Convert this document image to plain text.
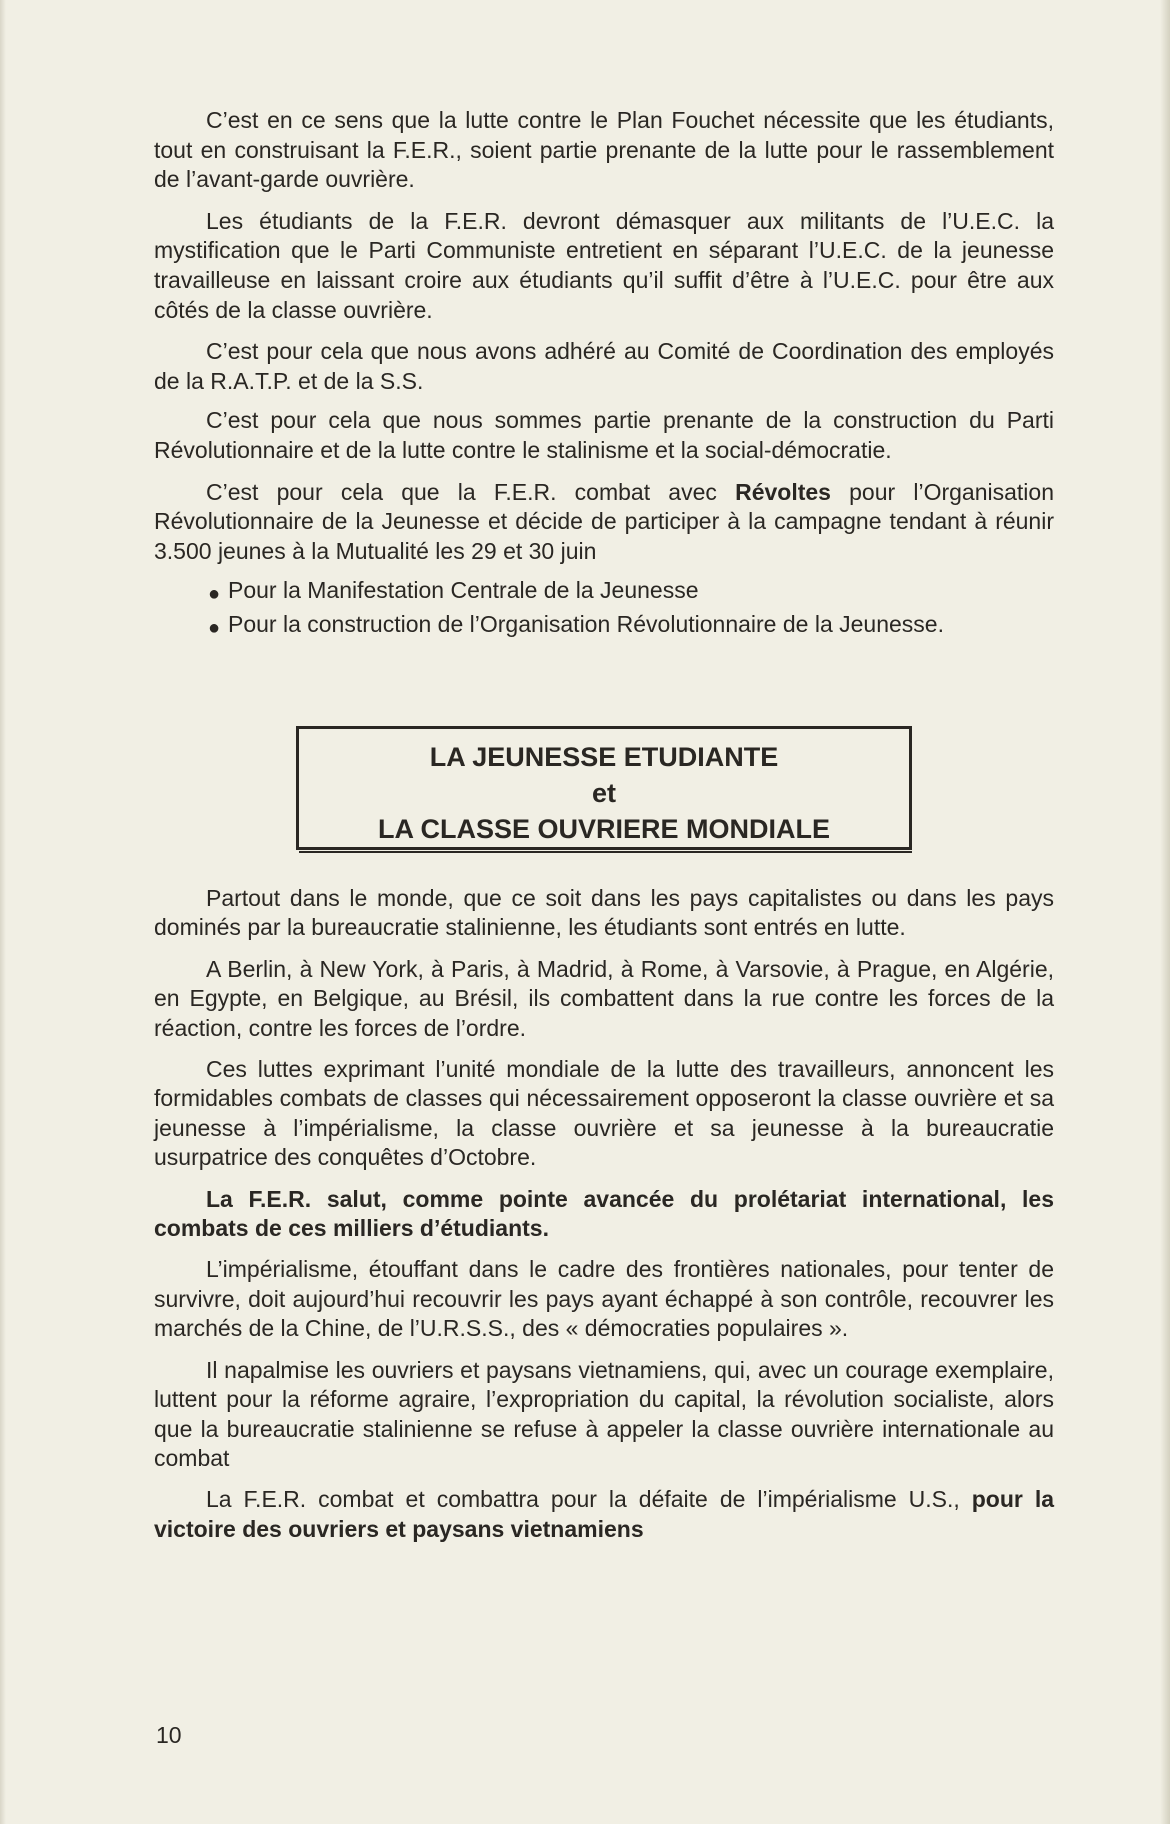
C’est en ce sens que la lutte contre le Plan Fouchet nécessite que les étudiants, tout en construisant la F.E.R., soient partie prenante de la lutte pour le rassemblement de l’avant-garde ouvrière.

Les étudiants de la F.E.R. devront démasquer aux militants de l’U.E.C. la mystification que le Parti Communiste entretient en séparant l’U.E.C. de la jeunesse travailleuse en laissant croire aux étudiants qu’il suffit d’être à l’U.E.C. pour être aux côtés de la classe ouvrière.

C’est pour cela que nous avons adhéré au Comité de Coordination des employés de la R.A.T.P. et de la S.S.

C’est pour cela que nous sommes partie prenante de la construction du Parti Révolutionnaire et de la lutte contre le stalinisme et la social-démocratie.

C’est pour cela que la F.E.R. combat avec Révoltes pour l’Organisation Révolutionnaire de la Jeunesse et décide de participer à la campagne tendant à réunir 3.500 jeunes à la Mutualité les 29 et 30 juin

● Pour la Manifestation Centrale de la Jeunesse
● Pour la construction de l’Organisation Révolutionnaire de la Jeunesse.
LA JEUNESSE ETUDIANTE
et
LA CLASSE OUVRIERE MONDIALE

Partout dans le monde, que ce soit dans les pays capitalistes ou dans les pays dominés par la bureaucratie stalinienne, les étudiants sont entrés en lutte.

A Berlin, à New York, à Paris, à Madrid, à Rome, à Varsovie, à Prague, en Algérie, en Egypte, en Belgique, au Brésil, ils combattent dans la rue contre les forces de la réaction, contre les forces de l’ordre.

Ces luttes exprimant l’unité mondiale de la lutte des travailleurs, annoncent les formidables combats de classes qui nécessairement opposeront la classe ouvrière et sa jeunesse à l’impérialisme, la classe ouvrière et sa jeunesse à la bureaucratie usurpatrice des conquêtes d’Octobre.

La F.E.R. salut, comme pointe avancée du prolétariat international, les combats de ces milliers d’étudiants.

L’impérialisme, étouffant dans le cadre des frontières nationales, pour tenter de survivre, doit aujourd’hui recouvrir les pays ayant échappé à son contrôle, recouvrer les marchés de la Chine, de l’U.R.S.S., des « démocraties populaires ».

Il napalmise les ouvriers et paysans vietnamiens, qui, avec un courage exemplaire, luttent pour la réforme agraire, l’expropriation du capital, la révolution socialiste, alors que la bureaucratie stalinienne se refuse à appeler la classe ouvrière internationale au combat

La F.E.R. combat et combattra pour la défaite de l’impérialisme U.S., pour la victoire des ouvriers et paysans vietnamiens

10
